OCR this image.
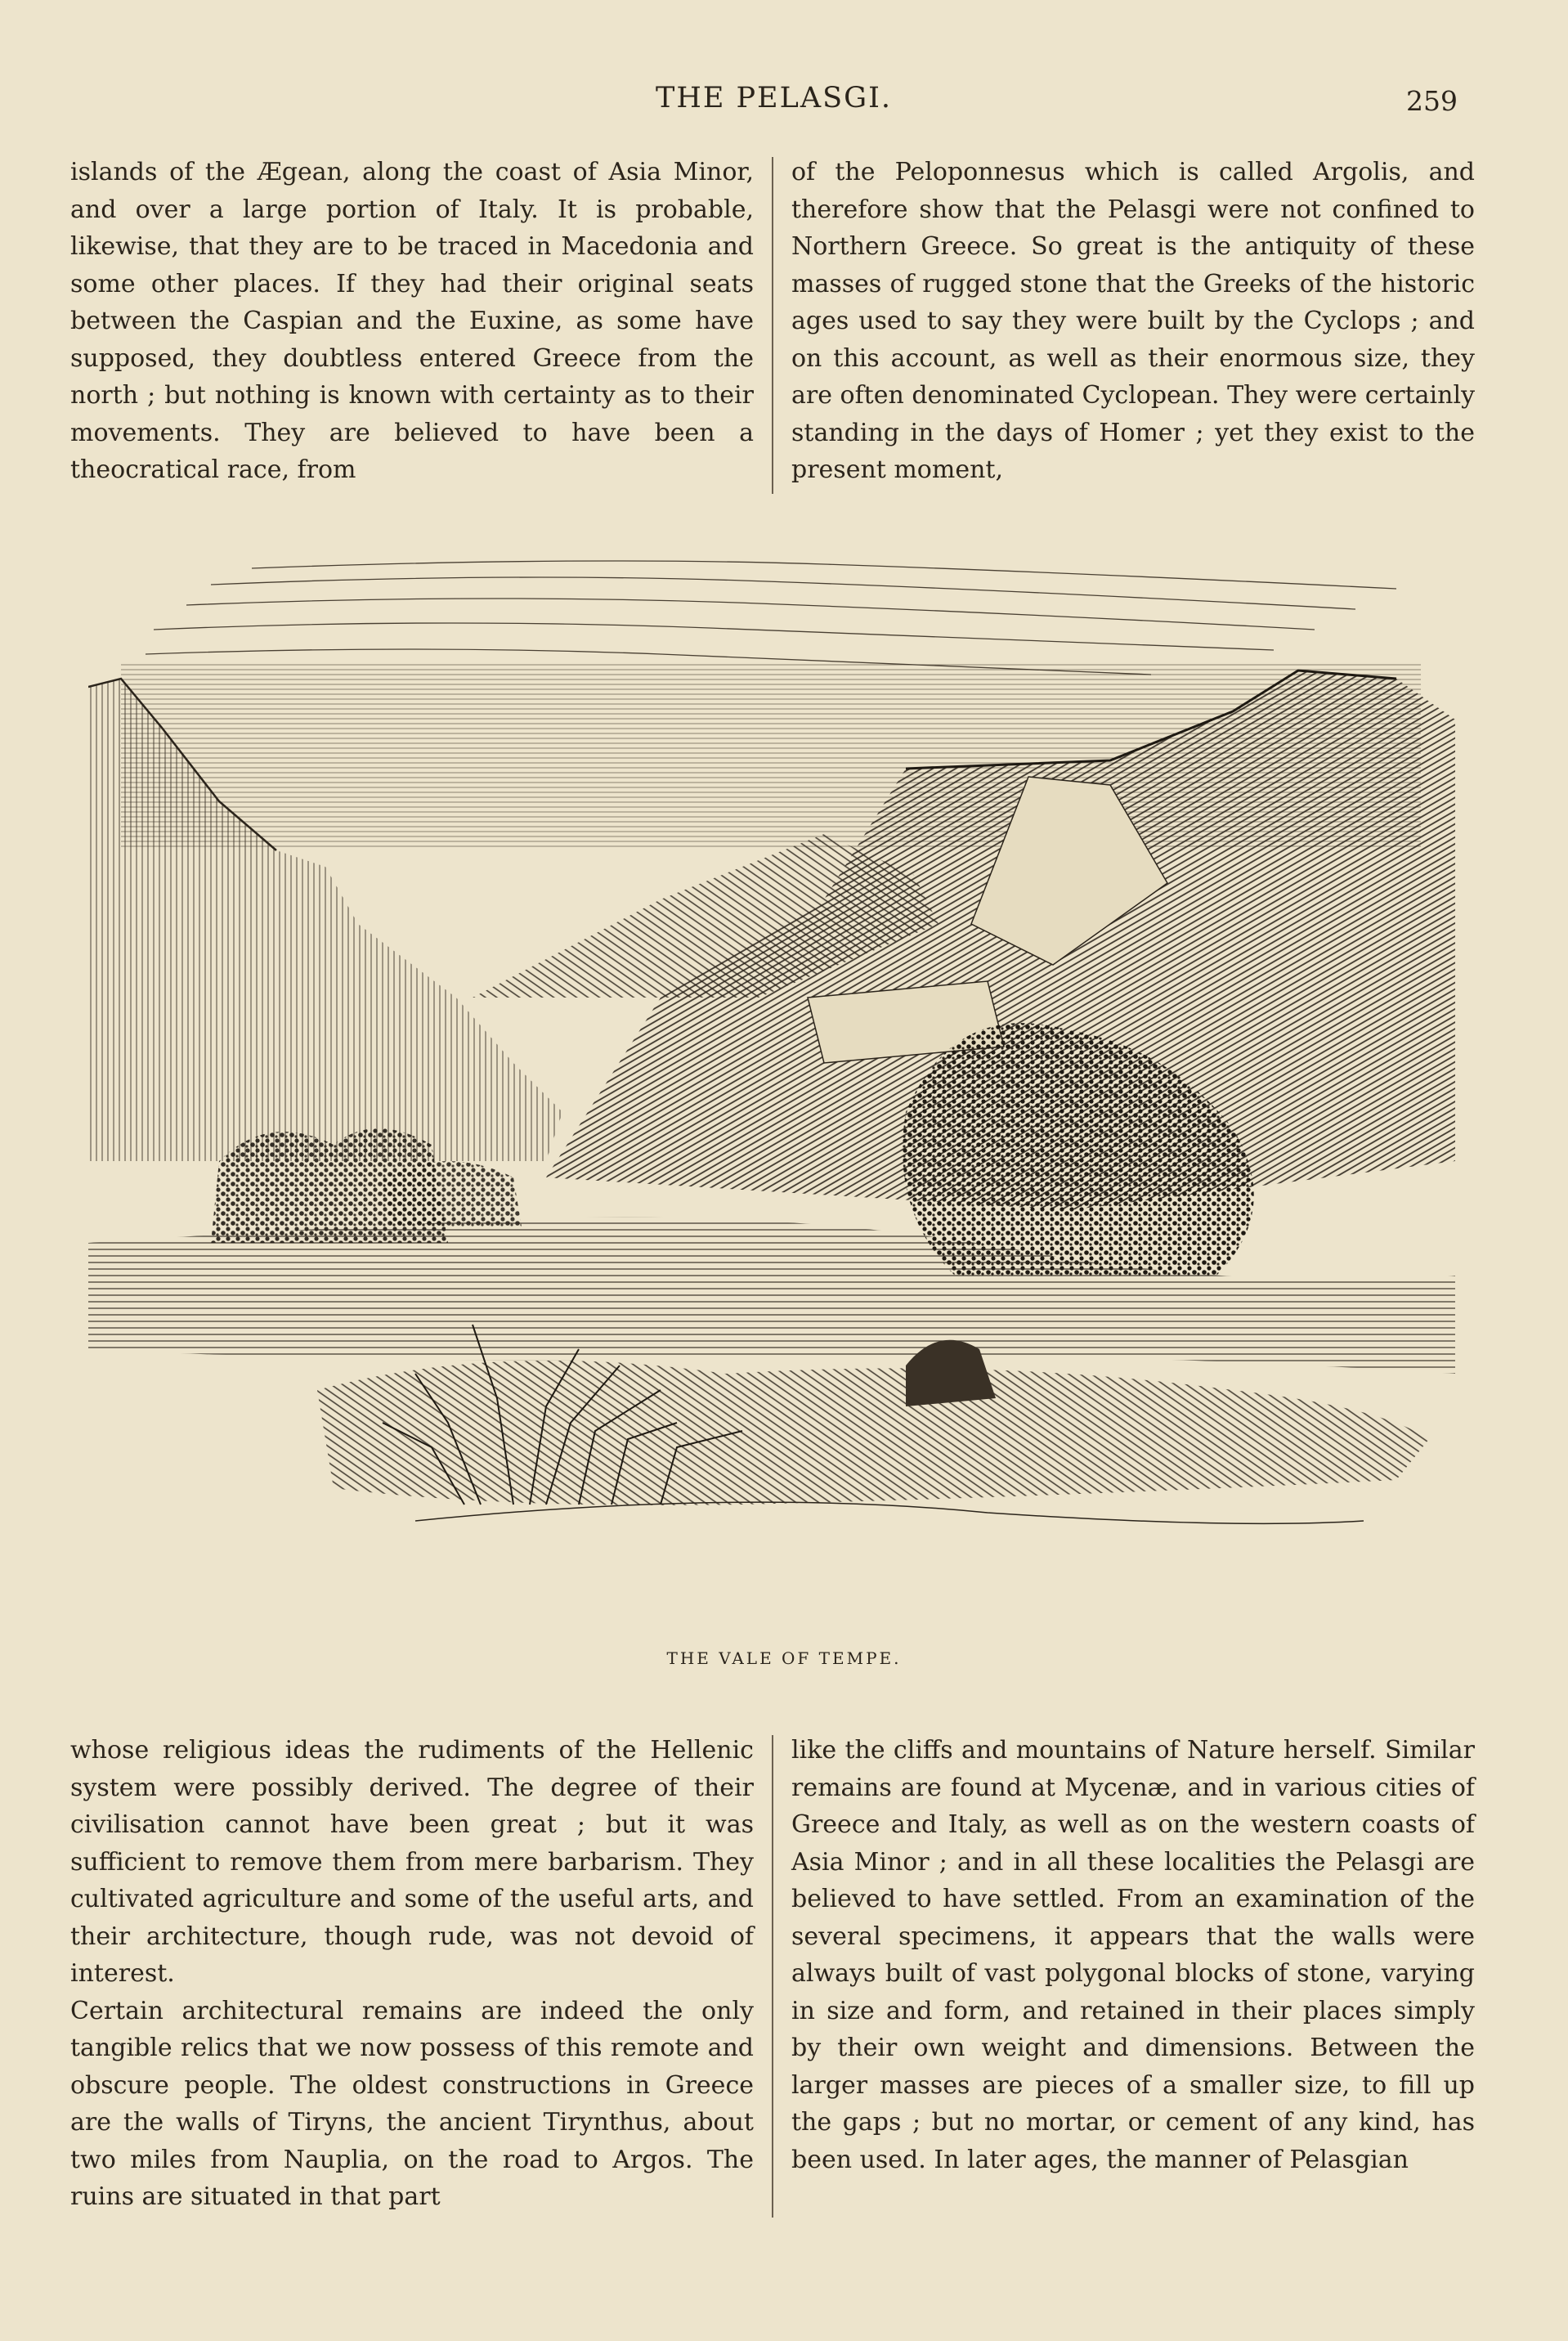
THE PELASGI.	259

islands of the Ægean, along the coast of Asia Minor, and over a large portion of Italy. It is probable, likewise, that they are to be traced in Macedonia and some other places. If they had their original seats between the Caspian and the Euxine, as some have supposed, they doubtless entered Greece from the north ; but nothing is known with certainty as to their movements. They are believed to have been a theocratical race, from

of the Peloponnesus which is called Argolis, and therefore show that the Pelasgi were not confined to Northern Greece. So great is the antiquity of these masses of rugged stone that the Greeks of the historic ages used to say they were built by the Cyclops ; and on this account, as well as their enormous size, they are often denominated Cyclopean. They were certainly standing in the days of Homer ; yet they exist to the present moment,

THE VALE OF TEMPE.

whose religious ideas the rudiments of the Hellenic system were possibly derived. The degree of their civilisation cannot have been great ; but it was sufficient to remove them from mere barbarism. They cultivated agriculture and some of the useful arts, and their architecture, though rude, was not devoid of interest.

Certain architectural remains are indeed the only tangible relics that we now possess of this remote and obscure people. The oldest constructions in Greece are the walls of Tiryns, the ancient Tirynthus, about two miles from Nauplia, on the road to Argos. The ruins are situated in that part

like the cliffs and mountains of Nature herself. Similar remains are found at Mycenæ, and in various cities of Greece and Italy, as well as on the western coasts of Asia Minor ; and in all these localities the Pelasgi are believed to have settled. From an examination of the several specimens, it appears that the walls were always built of vast polygonal blocks of stone, varying in size and form, and retained in their places simply by their own weight and dimensions. Between the larger masses are pieces of a smaller size, to fill up the gaps ; but no mortar, or cement of any kind, has been used. In later ages, the manner of Pelasgian
